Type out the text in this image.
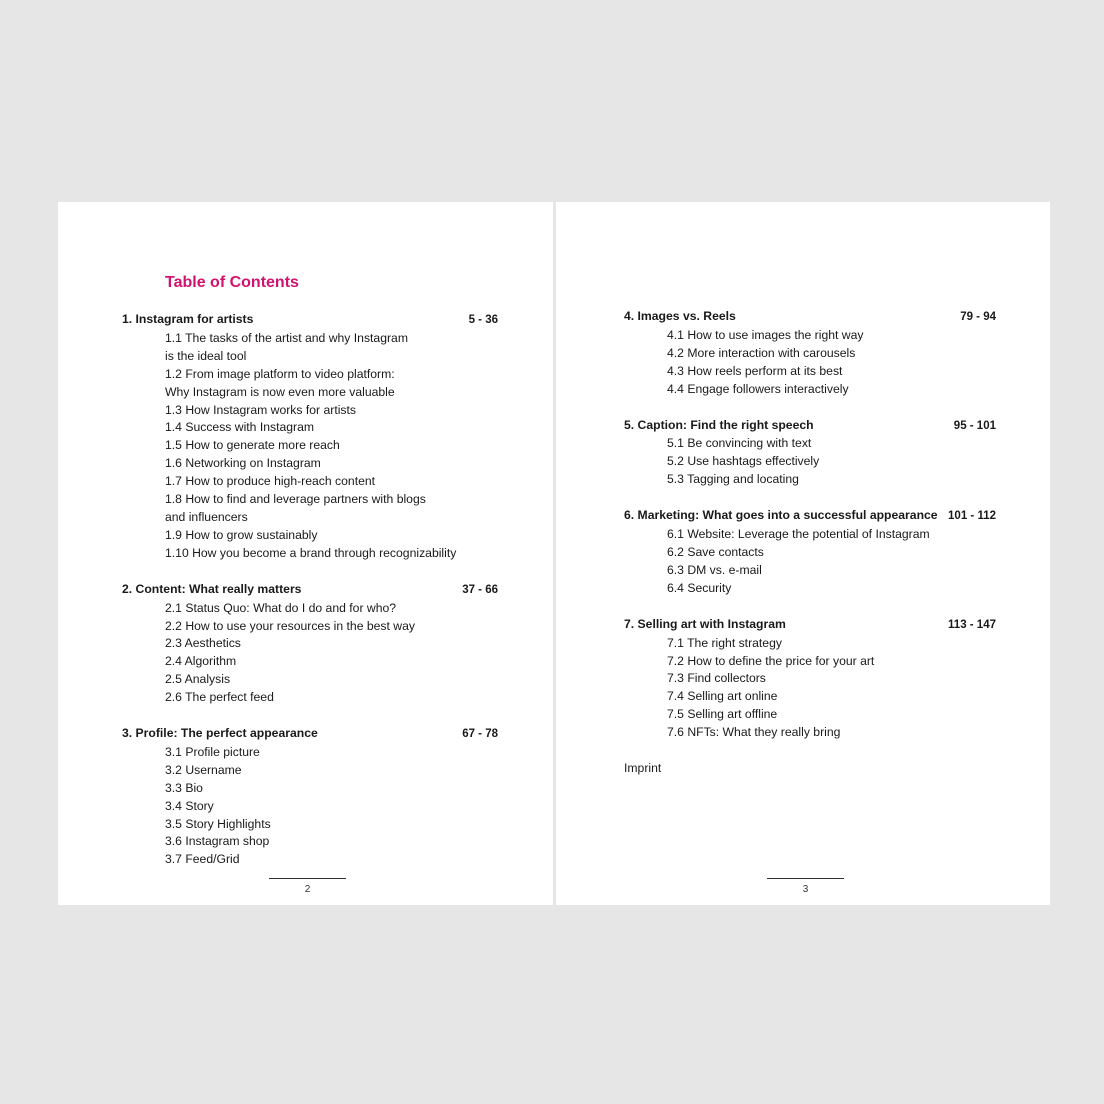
Table of Contents
1. Instagram for artists	5 - 36
1.1 The tasks of the artist and why Instagram
is the ideal tool
1.2 From image platform to video platform:
Why Instagram is now even more valuable
1.3 How Instagram works for artists
1.4 Success with Instagram
1.5 How to generate more reach
1.6 Networking on Instagram
1.7 How to produce high-reach content
1.8 How to find and leverage partners with blogs
and influencers
1.9 How to grow sustainably
1.10 How you become a brand through recognizability
2. Content: What really matters	37 - 66
2.1 Status Quo: What do I do and for who?
2.2 How to use your resources in the best way
2.3 Aesthetics
2.4 Algorithm
2.5 Analysis
2.6 The perfect feed
3. Profile: The perfect appearance	67 - 78
3.1 Profile picture
3.2 Username
3.3 Bio
3.4 Story
3.5 Story Highlights
3.6 Instagram shop
3.7 Feed/Grid
2
4. Images vs. Reels	79 - 94
4.1 How to use images the right way
4.2 More interaction with carousels
4.3 How reels perform at its best
4.4 Engage followers interactively
5. Caption: Find the right speech	95 - 101
5.1 Be convincing with text
5.2 Use hashtags effectively
5.3 Tagging and locating
6. Marketing: What goes into a successful appearance 101 - 112
6.1 Website: Leverage the potential of Instagram
6.2 Save contacts
6.3 DM vs. e-mail
6.4 Security
7. Selling art with Instagram	113 - 147
7.1 The right strategy
7.2 How to define the price for your art
7.3 Find collectors
7.4 Selling art online
7.5 Selling art offline
7.6 NFTs: What they really bring
Imprint
3
